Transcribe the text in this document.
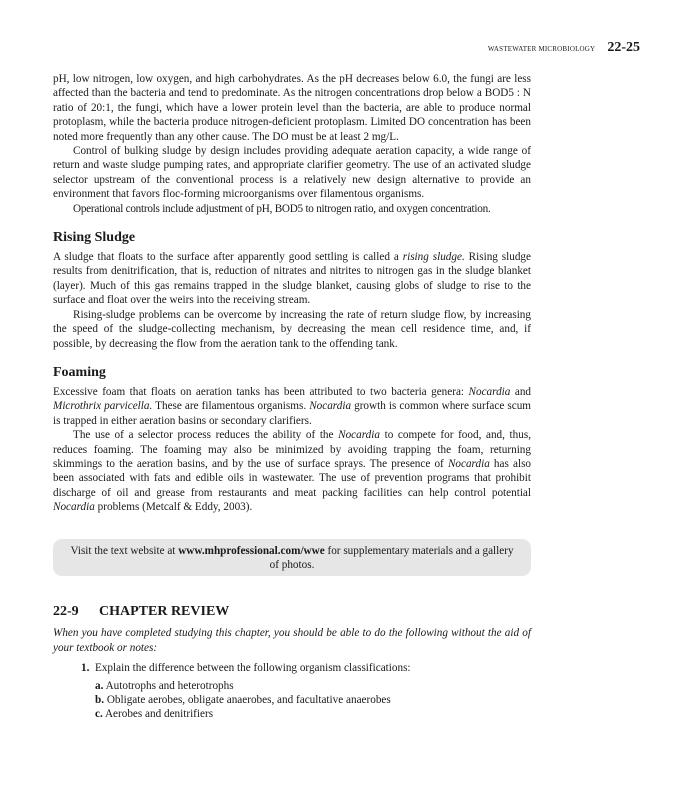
WASTEWATER MICROBIOLOGY 22-25

pH, low nitrogen, low oxygen, and high carbohydrates. As the pH decreases below 6.0, the fungi are less affected than the bacteria and tend to predominate. As the nitrogen concentrations drop below a BOD5 : N ratio of 20:1, the fungi, which have a lower protein level than the bacteria, are able to produce normal protoplasm, while the bacteria produce nitrogen-deficient protoplasm. Limited DO concentration has been noted more frequently than any other cause. The DO must be at least 2 mg/L.

Control of bulking sludge by design includes providing adequate aeration capacity, a wide range of return and waste sludge pumping rates, and appropriate clarifier geometry. The use of an activated sludge selector upstream of the conventional process is a relatively new design alternative to provide an environment that favors floc-forming microorganisms over filamentous organisms.

Operational controls include adjustment of pH, BOD5 to nitrogen ratio, and oxygen concentration.

Rising Sludge

A sludge that floats to the surface after apparently good settling is called a rising sludge. Rising sludge results from denitrification, that is, reduction of nitrates and nitrites to nitrogen gas in the sludge blanket (layer). Much of this gas remains trapped in the sludge blanket, causing globs of sludge to rise to the surface and float over the weirs into the receiving stream.

Rising-sludge problems can be overcome by increasing the rate of return sludge flow, by increasing the speed of the sludge-collecting mechanism, by decreasing the mean cell residence time, and, if possible, by decreasing the flow from the aeration tank to the offending tank.

Foaming

Excessive foam that floats on aeration tanks has been attributed to two bacteria genera: Nocardia and Microthrix parvicella. These are filamentous organisms. Nocardia growth is common where surface scum is trapped in either aeration basins or secondary clarifiers.

The use of a selector process reduces the ability of the Nocardia to compete for food, and, thus, reduces foaming. The foaming may also be minimized by avoiding trapping the foam, returning skimmings to the aeration basins, and by the use of surface sprays. The presence of Nocardia has also been associated with fats and edible oils in wastewater. The use of prevention programs that prohibit discharge of oil and grease from restaurants and meat packing facilities can help control potential Nocardia problems (Metcalf & Eddy, 2003).

Visit the text website at www.mhprofessional.com/wwe for supplementary materials and a gallery of photos.
22-9	CHAPTER REVIEW

When you have completed studying this chapter, you should be able to do the following without the aid of your textbook or notes:

1. Explain the difference between the following organism classifications:
a. Autotrophs and heterotrophs
b. Obligate aerobes, obligate anaerobes, and facultative anaerobes
c. Aerobes and denitrifiers
